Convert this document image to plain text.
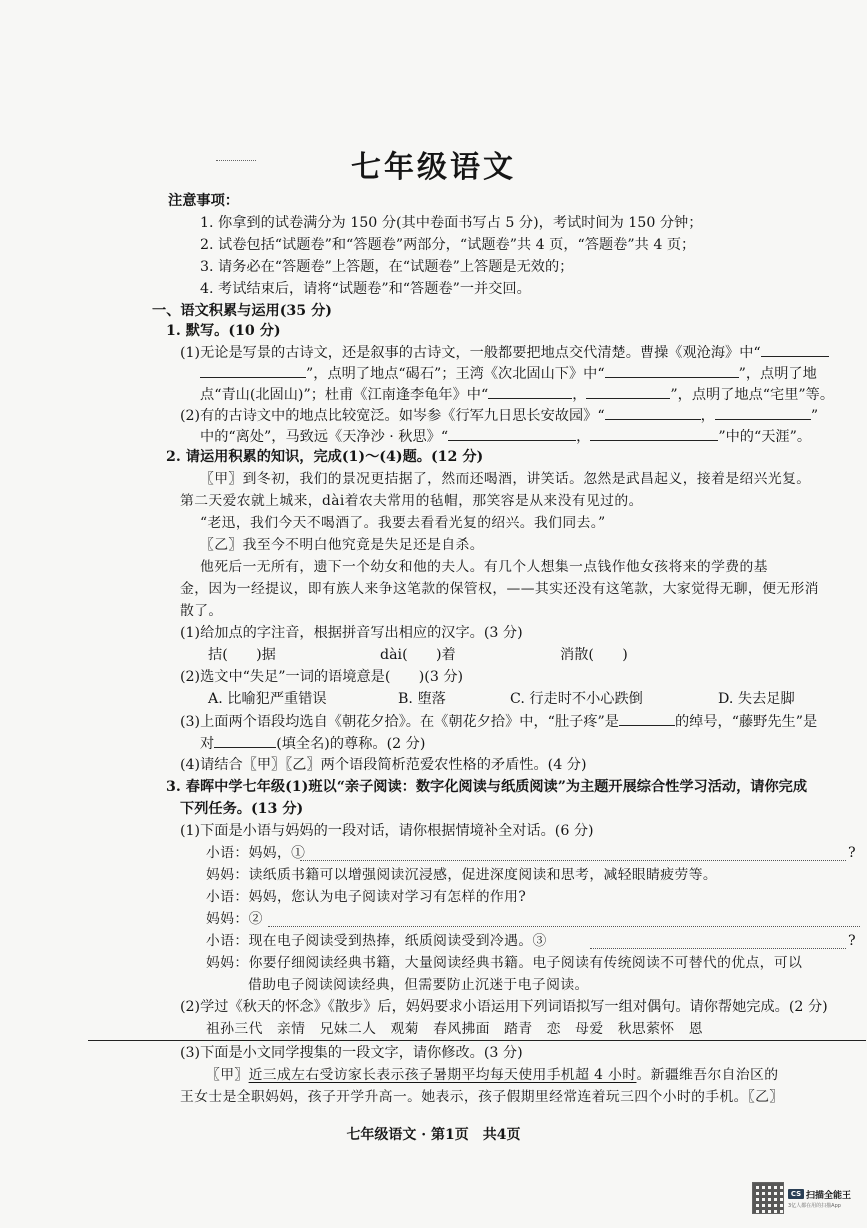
七年级语文
注意事项：
1. 你拿到的试卷满分为 150 分(其中卷面书写占 5 分)，考试时间为 150 分钟；
2. 试卷包括“试题卷”和“答题卷”两部分，“试题卷”共 4 页，“答题卷”共 4 页；
3. 请务必在“答题卷”上答题，在“试题卷”上答题是无效的；
4. 考试结束后，请将“试题卷”和“答题卷”一并交回。
一、语文积累与运用(35 分)
1. 默写。(10 分)
(1)无论是写景的古诗文，还是叙事的古诗文，一般都要把地点交代清楚。曹操《观沧海》中“
”，点明了地点“碣石”；王湾《次北固山下》中“	”，点明了地
点“青山(北固山)”；杜甫《江南逢李龟年》中“	，	”，点明了地点“宅里”等。
(2)有的古诗文中的地点比较宽泛。如岑参《行军九日思长安故园》“	，	”
中的“离处”，马致远《天净沙 · 秋思》“	，	”中的“天涯”。
2. 请运用积累的知识，完成(1)～(4)题。(12 分)
〖甲〗到冬初，我们的景况更拮据了，然而还喝酒，讲笑话。忽然是武昌起义，接着是绍兴光复。
第二天爱农就上城来，dài着农夫常用的毡帽，那笑容是从来没有见过的。
“老迅，我们今天不喝酒了。我要去看看光复的绍兴。我们同去。”
〖乙〗我至今不明白他究竟是失足还是自杀。
他死后一无所有，遗下一个幼女和他的夫人。有几个人想集一点钱作他女孩将来的学费的基
金，因为一经提议，即有族人来争这笔款的保管权，——其实还没有这笔款，大家觉得无聊，便无形消
散了。
(1)给加点的字注音，根据拼音写出相应的汉字。(3 分)
拮(　　)据	dài(　　)着	消散(　　)
(2)选文中“失足”一词的语境意是(　　)(3 分)
A. 比喻犯严重错误	B. 堕落	C. 行走时不小心跌倒	D. 失去足脚
(3)上面两个语段均选自《朝花夕拾》。在《朝花夕拾》中，“肚子疼”是	的绰号，“藤野先生”是
对	(填全名)的尊称。(2 分)
(4)请结合〖甲〗〖乙〗两个语段简析范爱农性格的矛盾性。(4 分)
3. 春晖中学七年级(1)班以“亲子阅读：数字化阅读与纸质阅读”为主题开展综合性学习活动，请你完成
下列任务。(13 分)
(1)下面是小语与妈妈的一段对话，请你根据情境补全对话。(6 分)
小语：妈妈，①	?
妈妈：读纸质书籍可以增强阅读沉浸感，促进深度阅读和思考，减轻眼睛疲劳等。
小语：妈妈，您认为电子阅读对学习有怎样的作用?
妈妈：②
小语：现在电子阅读受到热捧，纸质阅读受到冷遇。③	?
妈妈：你要仔细阅读经典书籍，大量阅读经典书籍。电子阅读有传统阅读不可替代的优点，可以
借助电子阅读阅读经典，但需要防止沉迷于电子阅读。
(2)学过《秋天的怀念》《散步》后，妈妈要求小语运用下列词语拟写一组对偶句。请你帮她完成。(2 分)
祖孙三代　亲情　兄妹二人　观菊　春风拂面　踏青　恋　母爱　秋思萦怀　恩
(3)下面是小文同学搜集的一段文字，请你修改。(3 分)
〖甲〗近三成左右受访家长表示孩子暑期平均每天使用手机超 4 小时。新疆维吾尔自治区的
王女士是全职妈妈，孩子开学升高一。她表示，孩子假期里经常连着玩三四个小时的手机。〖乙〗
七年级语文 · 第1页　共4页
CS 扫描全能王
3亿人都在用的扫描App
